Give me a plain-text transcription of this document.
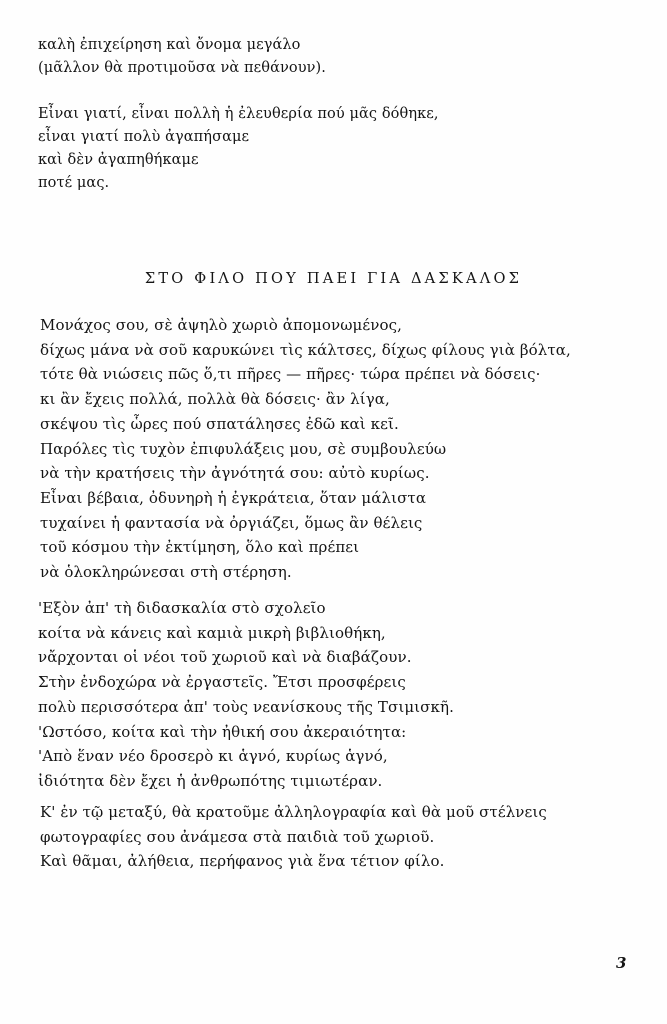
καλὴ ἐπιχείρηση καὶ ὄνομα μεγάλο
(μᾶλλον θὰ προτιμοῦσα νὰ πεθάνουν).
Εἶναι γιατί, εἶναι πολλὴ ἡ ἐλευθερία πού μᾶς δόθηκε,
εἶναι γιατί πολὺ ἀγαπήσαμε
καὶ δὲν ἀγαπηθήκαμε
ποτέ μας.
ΣΤΟ ΦΙΛΟ ΠΟΥ ΠΑΕΙ ΓΙΑ ΔΑΣΚΑΛΟΣ
Μονάχος σου, σὲ ἀψηλὸ χωριὸ ἀπομονωμένος,
δίχως μάνα νὰ σοῦ καρυκώνει τὶς κάλτσες, δίχως φίλους γιὰ βόλτα,
τότε θὰ νιώσεις πῶς ὅ,τι πῆρες — πῆρες· τώρα πρέπει νὰ δόσεις·
κι ἂν ἔχεις πολλά, πολλὰ θὰ δόσεις· ἂν λίγα,
σκέψου τὶς ὧρες πού σπατάλησες ἐδῶ καὶ κεῖ.
Παρόλες τὶς τυχὸν ἐπιφυλάξεις μου, σὲ συμβουλεύω
νὰ τὴν κρατήσεις τὴν ἀγνότητά σου: αὐτὸ κυρίως.
Εἶναι βέβαια, ὀδυνηρὴ ἡ ἐγκράτεια, ὅταν μάλιστα
τυχαίνει ἡ φαντασία νὰ ὀργιάζει, ὅμως ἂν θέλεις
τοῦ κόσμου τὴν ἐκτίμηση, ὅλο καὶ πρέπει
νὰ ὁλοκληρώνεσαι στὴ στέρηση.
'Εξὸν ἀπ' τὴ διδασκαλία στὸ σχολεῖο
κοίτα νὰ κάνεις καὶ καμιὰ μικρὴ βιβλιοθήκη,
νἄρχονται οἱ νέοι τοῦ χωριοῦ καὶ νὰ διαβάζουν.
Στὴν ἐνδοχώρα νὰ ἐργαστεῖς. Ἔτσι προσφέρεις
πολὺ περισσότερα ἀπ' τοὺς νεανίσκους τῆς Τσιμισκῆ.
'Ωστόσο, κοίτα καὶ τὴν ἠθική σου ἀκεραιότητα:
'Απὸ ἕναν νέο δροσερὸ κι ἁγνό, κυρίως ἁγνό,
ἰδιότητα δὲν ἔχει ἡ ἀνθρωπότης τιμιωτέραν.
Κ' ἐν τῷ μεταξύ, θὰ κρατοῦμε ἀλληλογραφία καὶ θὰ μοῦ στέλνεις
φωτογραφίες σου ἀνάμεσα στὰ παιδιὰ τοῦ χωριοῦ.
Καὶ θᾶμαι, ἀλήθεια, περήφανος γιὰ ἕνα τέτιον φίλο.

3
